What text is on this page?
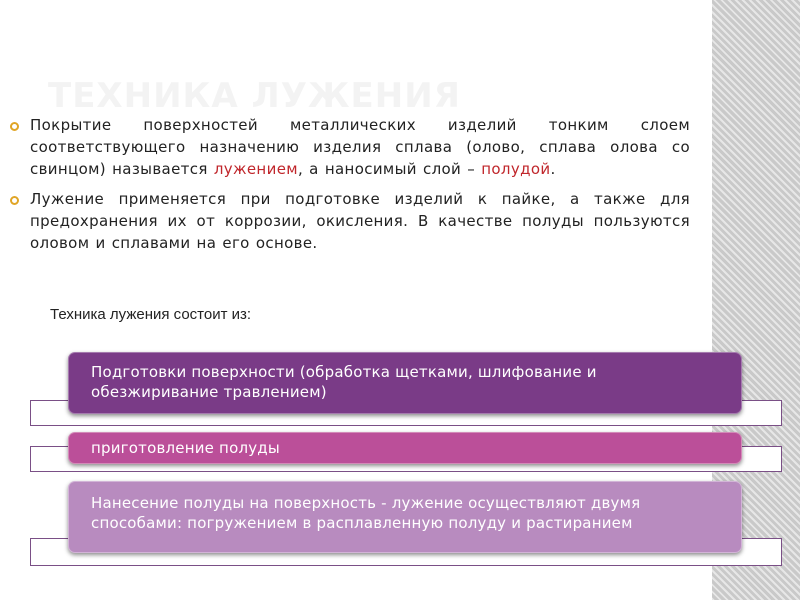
ТЕХНИКА ЛУЖЕНИЯ
Покрытие поверхностей металлических изделий тонким слоем соответствующего назначению изделия сплава (олово, сплава олова со свинцом) называется лужением, а наносимый слой – полудой.
Лужение применяется при подготовке изделий к пайке, а также для предохранения их от коррозии, окисления. В качестве полуды пользуются оловом и сплавами на его основе.

Техника лужения состоит из:

Подготовки поверхности (обработка щетками, шлифование и обезжиривание травлением)
приготовление полуды
Нанесение полуды на поверхность - лужение осуществляют двумя способами: погружением в расплавленную полуду и растиранием
